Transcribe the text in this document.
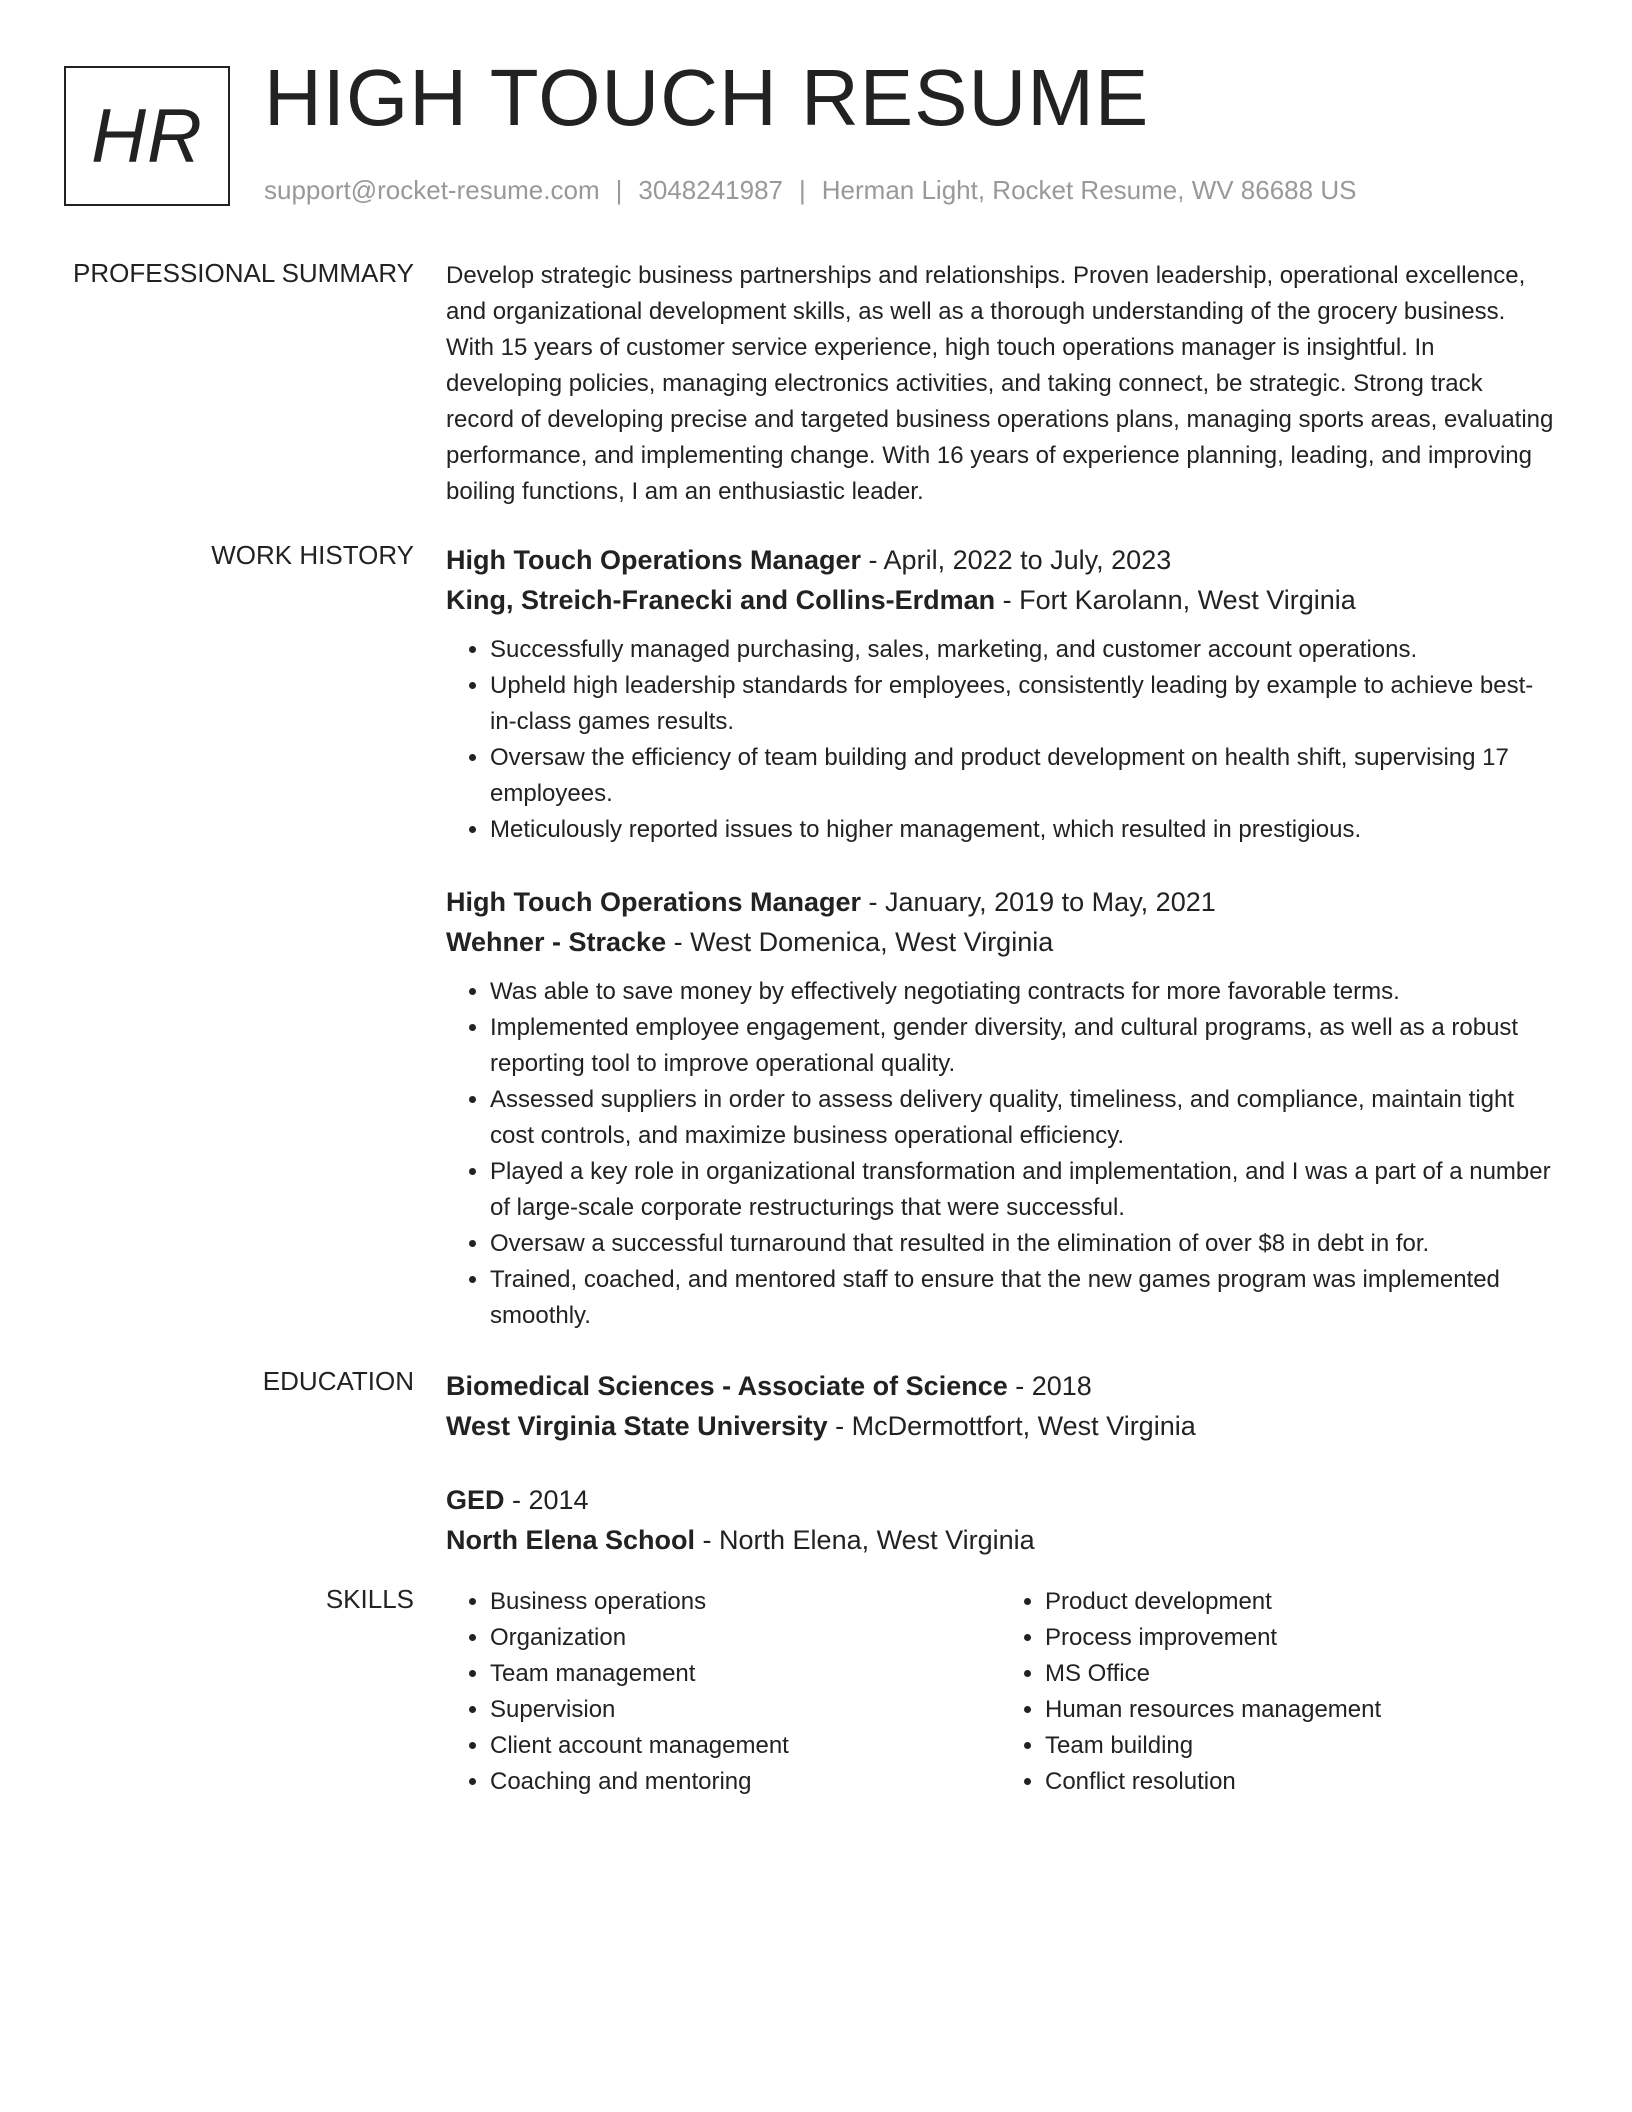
HR HIGH TOUCH RESUME
support@rocket-resume.com | 3048241987 | Herman Light, Rocket Resume, WV 86688 US
PROFESSIONAL SUMMARY Develop strategic business partnerships and relationships. Proven leadership, operational excellence, and organizational development skills, as well as a thorough understanding of the grocery business. With 15 years of customer service experience, high touch operations manager is insightful. In developing policies, managing electronics activities, and taking connect, be strategic. Strong track record of developing precise and targeted business operations plans, managing sports areas, evaluating performance, and implementing change. With 16 years of experience planning, leading, and improving boiling functions, I am an enthusiastic leader.

WORK HISTORY High Touch Operations Manager - April, 2022 to July, 2023

King, Streich-Franecki and Collins-Erdman - Fort Karolann, West Virginia

• Successfully managed purchasing, sales, marketing, and customer account operations.
• Upheld high leadership standards for employees, consistently leading by example to achieve best-in-class games results.
• Oversaw the efficiency of team building and product development on health shift, supervising 17 employees.
• Meticulously reported issues to higher management, which resulted in prestigious.

High Touch Operations Manager - January, 2019 to May, 2021

Wehner - Stracke - West Domenica, West Virginia

• Was able to save money by effectively negotiating contracts for more favorable terms.
• Implemented employee engagement, gender diversity, and cultural programs, as well as a robust reporting tool to improve operational quality.
• Assessed suppliers in order to assess delivery quality, timeliness, and compliance, maintain tight cost controls, and maximize business operational efficiency.
• Played a key role in organizational transformation and implementation, and I was a part of a number of large-scale corporate restructurings that were successful.
• Oversaw a successful turnaround that resulted in the elimination of over $8 in debt in for.
• Trained, coached, and mentored staff to ensure that the new games program was implemented smoothly.
EDUCATION Biomedical Sciences - Associate of Science - 2018

West Virginia State University - McDermottfort, West Virginia

GED - 2014

North Elena School - North Elena, West Virginia

SKILLS
•	Business operations
• Organization
• Team management
• Supervision
• Client account management
• Coaching and mentoring
• Product development
• Process improvement
• MS Office
• Human resources management
• Team building
• Conflict resolution
